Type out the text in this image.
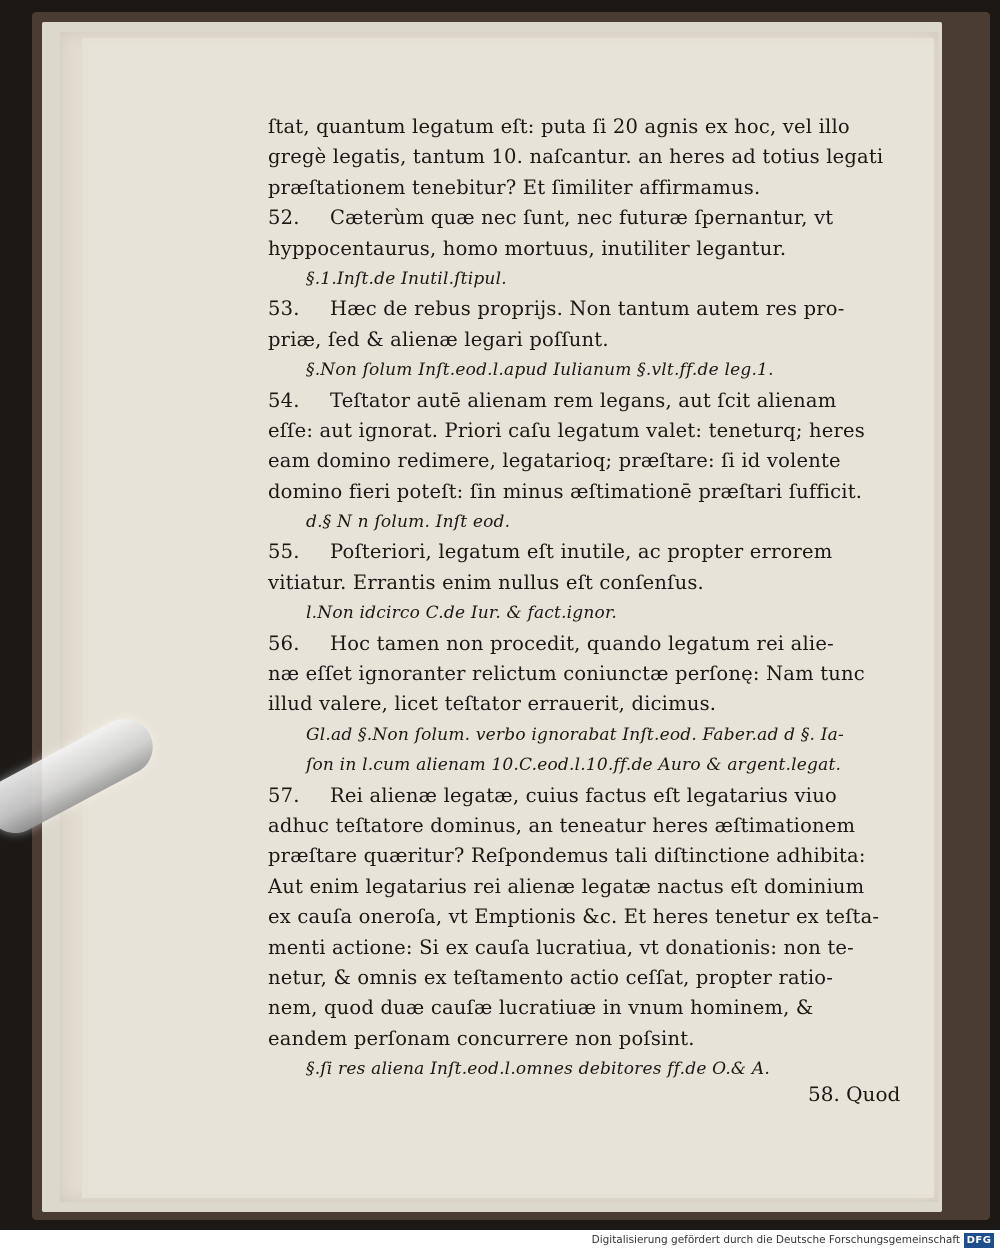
ſtat, quantum legatum eſt: puta ſi 20 agnis ex hoc, vel illo
gregè legatis, tantum 10. naſcantur. an heres ad totius legati
præſtationem tenebitur? Et ſimiliter affirmamus.
52. Cæterùm quæ nec ſunt, nec futuræ ſpernantur, vt
hyppocentaurus, homo mortuus, inutiliter legantur.
§.1.Inſt.de Inutil.ſtipul.
53. Hæc de rebus proprijs. Non tantum autem res pro-
priæ, ſed & alienæ legari poſſunt.
§.Non ſolum Inſt.eod.l.apud Iulianum §.vlt.ff.de leg.1.
54. Teſtator autē alienam rem legans, aut ſcit alienam
eſſe: aut ignorat. Priori caſu legatum valet: teneturq; heres
eam domino redimere, legatarioq; præſtare: ſi id volente
domino fieri poteſt: ſin minus æſtimationē præſtari ſufficit.
d.§ N n ſolum. Inſt eod.
55. Poſteriori, legatum eſt inutile, ac propter errorem
vitiatur. Errantis enim nullus eſt conſenſus.
l.Non idcirco C.de Iur. & fact.ignor.
56. Hoc tamen non procedit, quando legatum rei alie-
næ eſſet ignoranter relictum coniunctæ perſonę: Nam tunc
illud valere, licet teſtator errauerit, dicimus.
Gl.ad §.Non ſolum. verbo ignorabat Inſt.eod. Faber.ad d §. Ia-
ſon in l.cum alienam 10.C.eod.l.10.ff.de Auro & argent.legat.
57. Rei alienæ legatæ, cuius factus eſt legatarius viuo
adhuc teſtatore dominus, an teneatur heres æſtimationem
præſtare quæritur? Reſpondemus tali diſtinctione adhibita:
Aut enim legatarius rei alienæ legatæ nactus eſt dominium
ex cauſa oneroſa, vt Emptionis &c. Et heres tenetur ex teſta-
menti actione: Si ex cauſa lucratiua, vt donationis: non te-
netur, & omnis ex teſtamento actio ceſſat, propter ratio-
nem, quod duæ cauſæ lucratiuæ in vnum hominem, &
eandem perſonam concurrere non poſsint.
§.ſi res aliena Inſt.eod.l.omnes debitores ff.de O.& A.
58. Quod
Digitalisierung gefördert durch die Deutsche Forschungsgemeinschaft DFG
